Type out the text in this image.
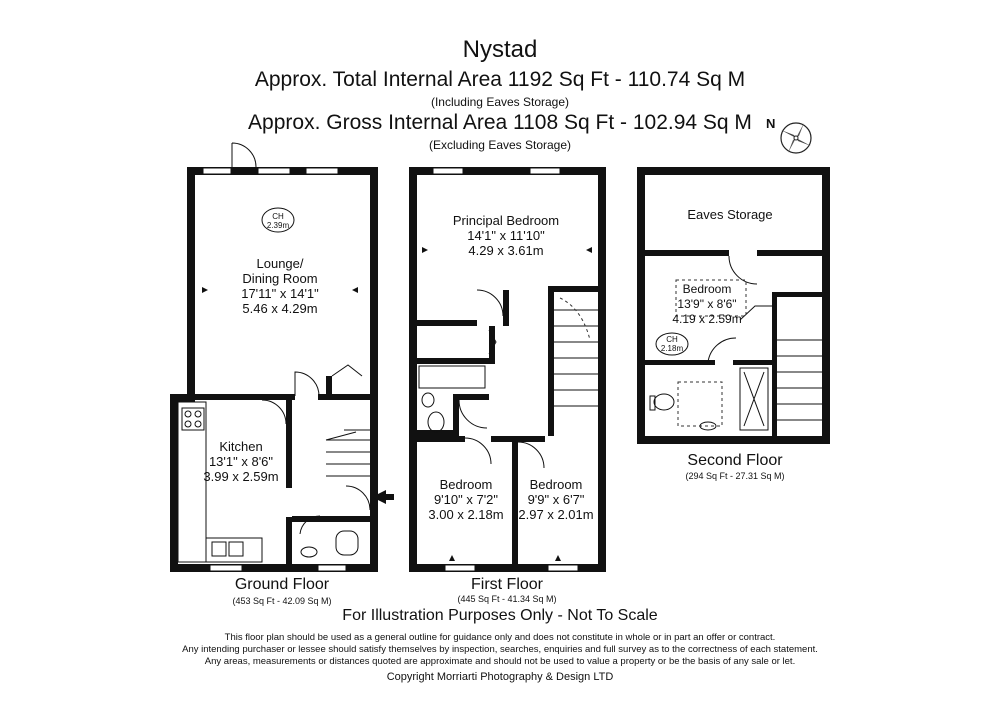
Nystad
Approx. Total Internal Area 1192 Sq Ft - 110.74 Sq M
(Including Eaves Storage)
Approx. Gross Internal Area 1108 Sq Ft - 102.94 Sq M
(Excluding Eaves Storage)
N
CH
2.39m
Lounge/
Dining Room
17'11" x 14'1"
5.46 x 4.29m
Kitchen
13'1" x 8'6"
3.99 x 2.59m
Ground Floor
(453 Sq Ft - 42.09 Sq M)
Principal Bedroom
14'1" x 11'10"
4.29 x 3.61m
Bedroom
9'10" x 7'2"
3.00 x 2.18m
Bedroom
9'9" x 6'7"
2.97 x 2.01m
First Floor
(445 Sq Ft - 41.34 Sq M)
Eaves Storage
Bedroom
13'9" x 8'6"
4.19 x 2.59m
CH
2.18m
Second Floor
(294 Sq Ft - 27.31 Sq M)
For Illustration Purposes Only - Not To Scale
This floor plan should be used as a general outline for guidance only and does not constitute in whole or in part an offer or contract.
Any intending purchaser or lessee should satisfy themselves by inspection, searches, enquiries and full survey as to the correctness of each statement.
Any areas, measurements or distances quoted are approximate and should not be used to value a property or be the basis of any sale or let.
Copyright Morriarti Photography & Design LTD
